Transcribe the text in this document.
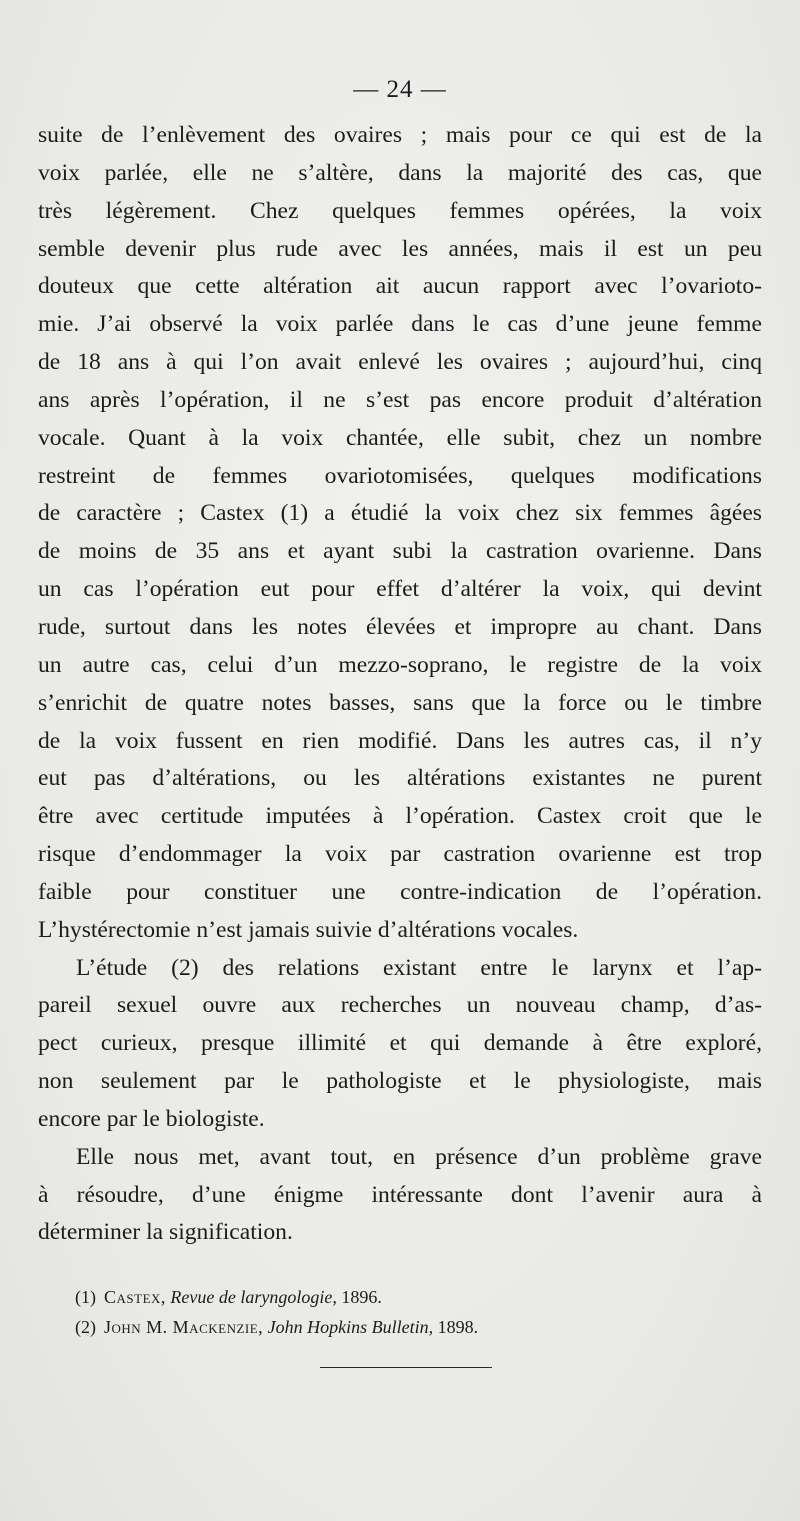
— 24 —
suite de l’enlèvement des ovaires ; mais pour ce qui est de la
voix parlée, elle ne s’altère, dans la majorité des cas, que
très légèrement. Chez quelques femmes opérées, la voix
semble devenir plus rude avec les années, mais il est un peu
douteux que cette altération ait aucun rapport avec l’ovarioto-
mie. J’ai observé la voix parlée dans le cas d’une jeune femme
de 18 ans à qui l’on avait enlevé les ovaires ; aujourd’hui, cinq
ans après l’opération, il ne s’est pas encore produit d’altération
vocale. Quant à la voix chantée, elle subit, chez un nombre
restreint de femmes ovariotomisées, quelques modifications
de caractère ; Castex (1) a étudié la voix chez six femmes âgées
de moins de 35 ans et ayant subi la castration ovarienne. Dans
un cas l’opération eut pour effet d’altérer la voix, qui devint
rude, surtout dans les notes élevées et impropre au chant. Dans
un autre cas, celui d’un mezzo-soprano, le registre de la voix
s’enrichit de quatre notes basses, sans que la force ou le timbre
de la voix fussent en rien modifié. Dans les autres cas, il n’y
eut pas d’altérations, ou les altérations existantes ne purent
être avec certitude imputées à l’opération. Castex croit que le
risque d’endommager la voix par castration ovarienne est trop
faible pour constituer une contre-indication de l’opération.
L’hystérectomie n’est jamais suivie d’altérations vocales.
L’étude (2) des relations existant entre le larynx et l’ap-
pareil sexuel ouvre aux recherches un nouveau champ, d’as-
pect curieux, presque illimité et qui demande à être exploré,
non seulement par le pathologiste et le physiologiste, mais
encore par le biologiste.
Elle nous met, avant tout, en présence d’un problème grave
à résoudre, d’une énigme intéressante dont l’avenir aura à
déterminer la signification.
(1) Castex, Revue de laryngologie, 1896.
(2) John M. Mackenzie, John Hopkins Bulletin, 1898.
